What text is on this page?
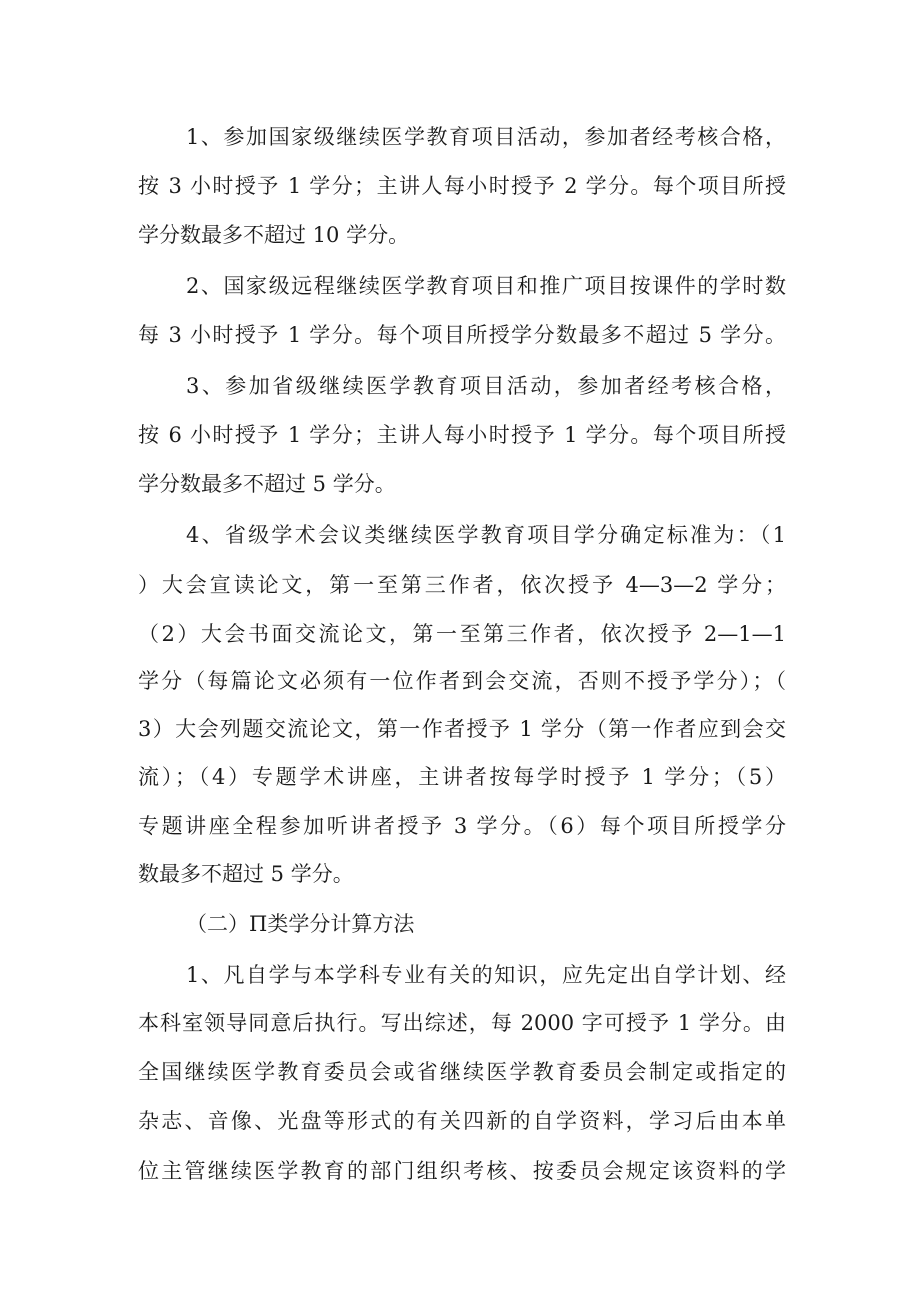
1、参加国家级继续医学教育项目活动，参加者经考核合格，
按 3 小时授予 1 学分；主讲人每小时授予 2 学分。每个项目所授
学分数最多不超过 10 学分。
2、国家级远程继续医学教育项目和推广项目按课件的学时数
每 3 小时授予 1 学分。每个项目所授学分数最多不超过 5 学分。
3、参加省级继续医学教育项目活动，参加者经考核合格，
按 6 小时授予 1 学分；主讲人每小时授予 1 学分。每个项目所授
学分数最多不超过 5 学分。
4、省级学术会议类继续医学教育项目学分确定标准为：（1
）大会宣读论文，第一至第三作者，依次授予 4—3—2 学分；
（2）大会书面交流论文，第一至第三作者，依次授予 2—1—1
学分（每篇论文必须有一位作者到会交流，否则不授予学分）；（
3）大会列题交流论文，第一作者授予 1 学分（第一作者应到会交
流）；（4）专题学术讲座，主讲者按每学时授予 1 学分；（5）
专题讲座全程参加听讲者授予 3 学分。（6）每个项目所授学分
数最多不超过 5 学分。
（二）Π类学分计算方法
1、凡自学与本学科专业有关的知识，应先定出自学计划、经
本科室领导同意后执行。写出综述，每 2000 字可授予 1 学分。由
全国继续医学教育委员会或省继续医学教育委员会制定或指定的
杂志、音像、光盘等形式的有关四新的自学资料，学习后由本单
位主管继续医学教育的部门组织考核、按委员会规定该资料的学
